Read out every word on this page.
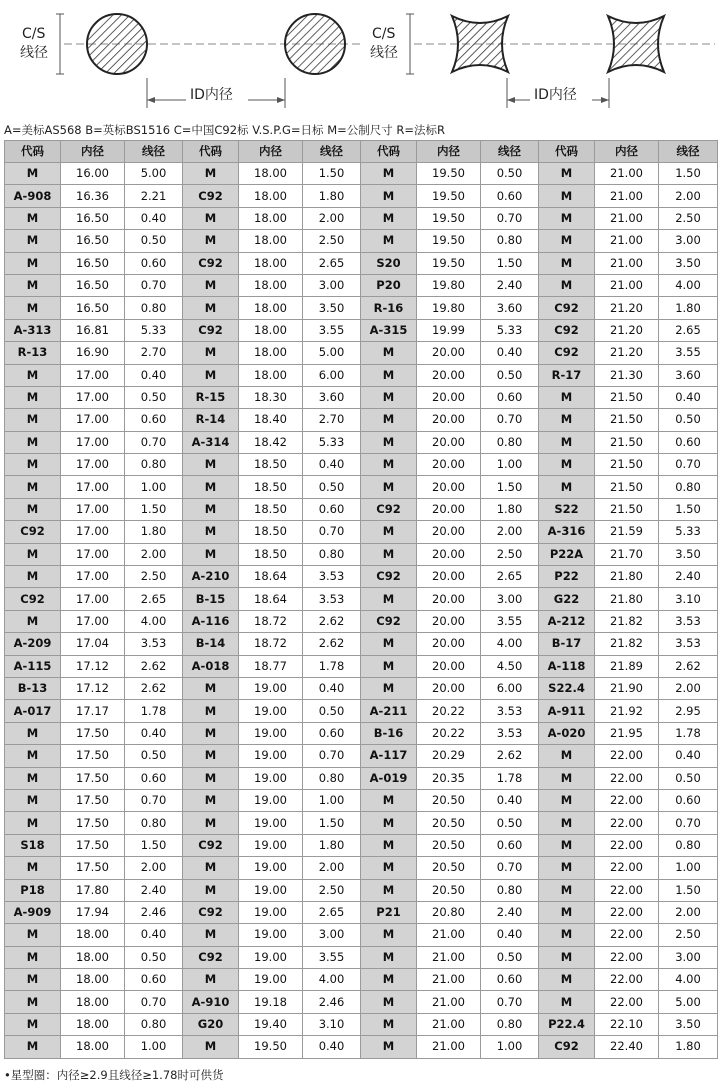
C/S
线径
ID内径
C/S
线径
ID内径
A=美标AS568 B=英标BS1516 C=中国C92标 V.S.P.G=日标 M=公制尺寸 R=法标R
代码	内径	线径	代码	内径	线径	代码	内径	线径	代码	内径	线径
M	16.00	5.00	M	18.00	1.50	M	19.50	0.50	M	21.00	1.50
A-908	16.36	2.21	C92	18.00	1.80	M	19.50	0.60	M	21.00	2.00
M	16.50	0.40	M	18.00	2.00	M	19.50	0.70	M	21.00	2.50
M	16.50	0.50	M	18.00	2.50	M	19.50	0.80	M	21.00	3.00
M	16.50	0.60	C92	18.00	2.65	S20	19.50	1.50	M	21.00	3.50
M	16.50	0.70	M	18.00	3.00	P20	19.80	2.40	M	21.00	4.00
M	16.50	0.80	M	18.00	3.50	R-16	19.80	3.60	C92	21.20	1.80
A-313	16.81	5.33	C92	18.00	3.55	A-315	19.99	5.33	C92	21.20	2.65
R-13	16.90	2.70	M	18.00	5.00	M	20.00	0.40	C92	21.20	3.55
M	17.00	0.40	M	18.00	6.00	M	20.00	0.50	R-17	21.30	3.60
M	17.00	0.50	R-15	18.30	3.60	M	20.00	0.60	M	21.50	0.40
M	17.00	0.60	R-14	18.40	2.70	M	20.00	0.70	M	21.50	0.50
M	17.00	0.70	A-314	18.42	5.33	M	20.00	0.80	M	21.50	0.60
M	17.00	0.80	M	18.50	0.40	M	20.00	1.00	M	21.50	0.70
M	17.00	1.00	M	18.50	0.50	M	20.00	1.50	M	21.50	0.80
M	17.00	1.50	M	18.50	0.60	C92	20.00	1.80	S22	21.50	1.50
C92	17.00	1.80	M	18.50	0.70	M	20.00	2.00	A-316	21.59	5.33
M	17.00	2.00	M	18.50	0.80	M	20.00	2.50	P22A	21.70	3.50
M	17.00	2.50	A-210	18.64	3.53	C92	20.00	2.65	P22	21.80	2.40
C92	17.00	2.65	B-15	18.64	3.53	M	20.00	3.00	G22	21.80	3.10
M	17.00	4.00	A-116	18.72	2.62	C92	20.00	3.55	A-212	21.82	3.53
A-209	17.04	3.53	B-14	18.72	2.62	M	20.00	4.00	B-17	21.82	3.53
A-115	17.12	2.62	A-018	18.77	1.78	M	20.00	4.50	A-118	21.89	2.62
B-13	17.12	2.62	M	19.00	0.40	M	20.00	6.00	S22.4	21.90	2.00
A-017	17.17	1.78	M	19.00	0.50	A-211	20.22	3.53	A-911	21.92	2.95
M	17.50	0.40	M	19.00	0.60	B-16	20.22	3.53	A-020	21.95	1.78
M	17.50	0.50	M	19.00	0.70	A-117	20.29	2.62	M	22.00	0.40
M	17.50	0.60	M	19.00	0.80	A-019	20.35	1.78	M	22.00	0.50
M	17.50	0.70	M	19.00	1.00	M	20.50	0.40	M	22.00	0.60
M	17.50	0.80	M	19.00	1.50	M	20.50	0.50	M	22.00	0.70
S18	17.50	1.50	C92	19.00	1.80	M	20.50	0.60	M	22.00	0.80
M	17.50	2.00	M	19.00	2.00	M	20.50	0.70	M	22.00	1.00
P18	17.80	2.40	M	19.00	2.50	M	20.50	0.80	M	22.00	1.50
A-909	17.94	2.46	C92	19.00	2.65	P21	20.80	2.40	M	22.00	2.00
M	18.00	0.40	M	19.00	3.00	M	21.00	0.40	M	22.00	2.50
M	18.00	0.50	C92	19.00	3.55	M	21.00	0.50	M	22.00	3.00
M	18.00	0.60	M	19.00	4.00	M	21.00	0.60	M	22.00	4.00
M	18.00	0.70	A-910	19.18	2.46	M	21.00	0.70	M	22.00	5.00
M	18.00	0.80	G20	19.40	3.10	M	21.00	0.80	P22.4	22.10	3.50
M	18.00	1.00	M	19.50	0.40	M	21.00	1.00	C92	22.40	1.80
•星型圈：内径≥2.9且线径≥1.78时可供货
